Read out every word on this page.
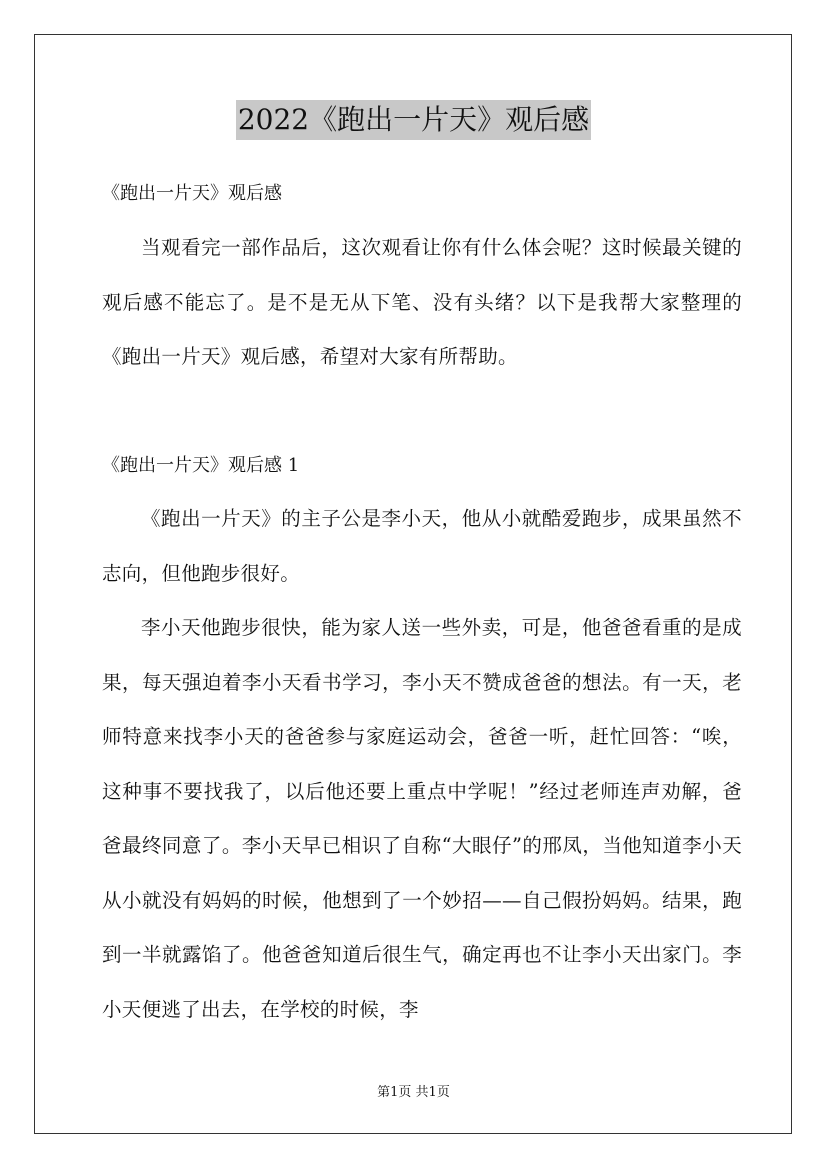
2022《跑出一片天》观后感
《跑出一片天》观后感
当观看完一部作品后，这次观看让你有什么体会呢？这时候最关键的观后感不能忘了。是不是无从下笔、没有头绪？以下是我帮大家整理的《跑出一片天》观后感，希望对大家有所帮助。
《跑出一片天》观后感 1
《跑出一片天》的主子公是李小天，他从小就酷爱跑步，成果虽然不志向，但他跑步很好。
李小天他跑步很快，能为家人送一些外卖，可是，他爸爸看重的是成果，每天强迫着李小天看书学习，李小天不赞成爸爸的想法。有一天，老师特意来找李小天的爸爸参与家庭运动会，爸爸一听，赶忙回答：“唉，这种事不要找我了，以后他还要上重点中学呢！”经过老师连声劝解，爸爸最终同意了。李小天早已相识了自称“大眼仔”的邢凤，当他知道李小天从小就没有妈妈的时候，他想到了一个妙招——自己假扮妈妈。结果，跑到一半就露馅了。他爸爸知道后很生气，确定再也不让李小天出家门。李小天便逃了出去，在学校的时候，李
第1页 共1页
